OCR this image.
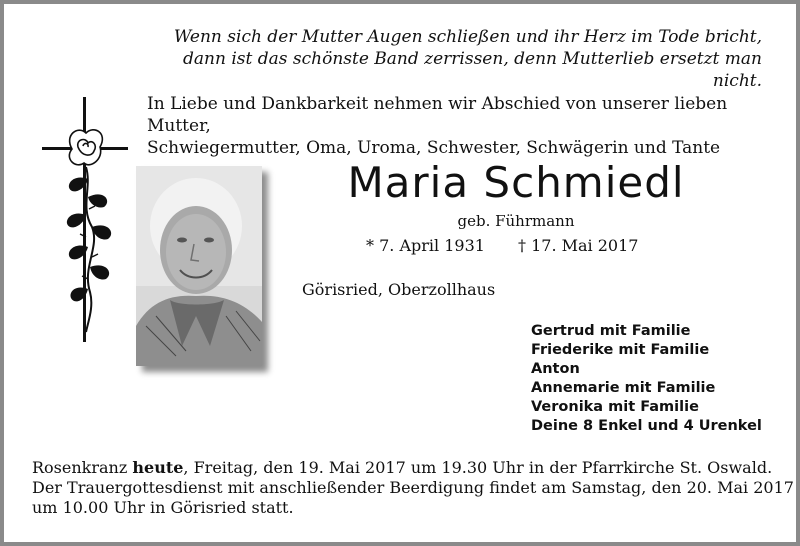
Wenn sich der Mutter Augen schließen und ihr Herz im Tode bricht,
dann ist das schönste Band zerrissen, denn Mutterlieb ersetzt man nicht.
In Liebe und Dankbarkeit nehmen wir Abschied von unserer lieben Mutter,
Schwiegermutter, Oma, Uroma, Schwester, Schwägerin und Tante
Maria Schmiedl
geb. Führmann
* 7. April 1931 † 17. Mai 2017
Görisried, Oberzollhaus
Gertrud mit Familie
Friederike mit Familie
Anton
Annemarie mit Familie
Veronika mit Familie
Deine 8 Enkel und 4 Urenkel
Rosenkranz heute, Freitag, den 19. Mai 2017 um 19.30 Uhr in der Pfarrkirche St. Oswald.
Der Trauergottesdienst mit anschließender Beerdigung findet am Samstag, den 20. Mai 2017
um 10.00 Uhr in Görisried statt.
